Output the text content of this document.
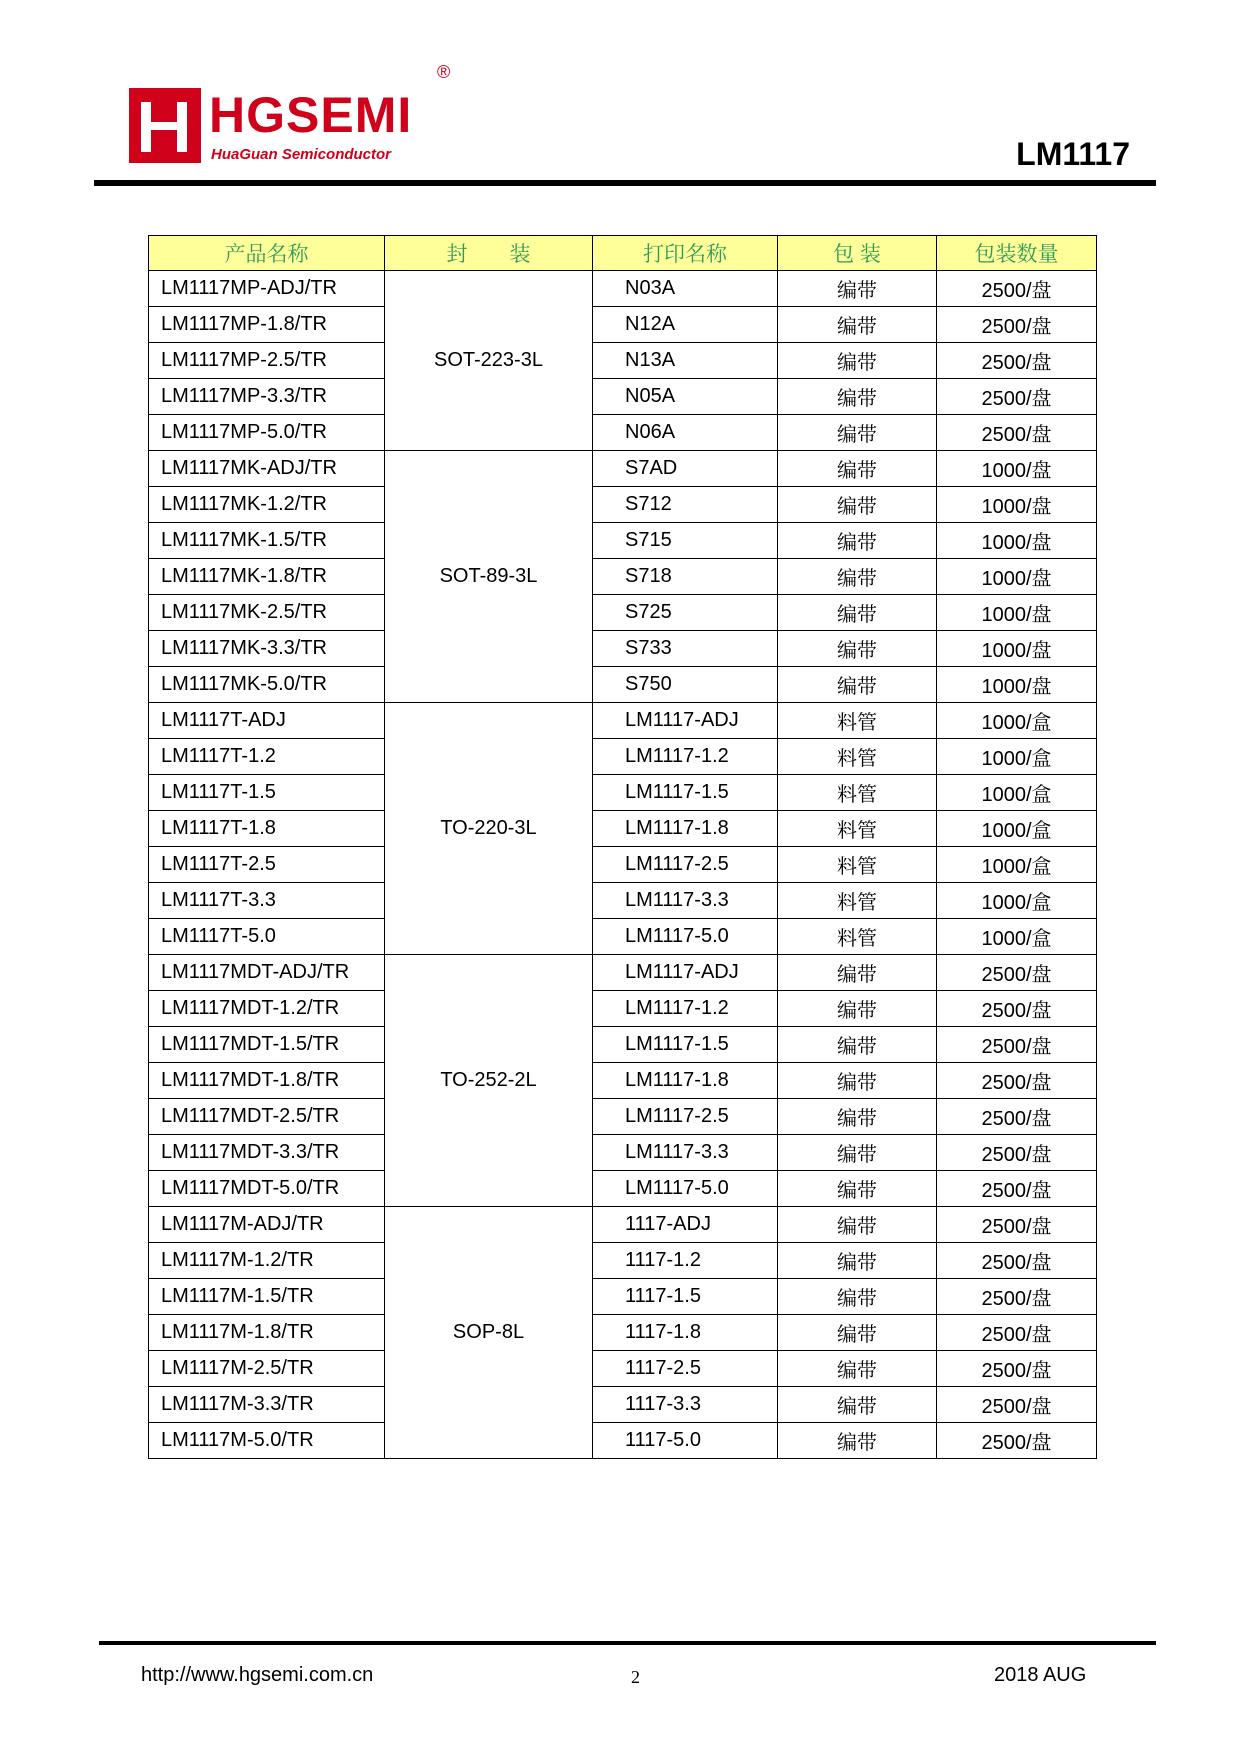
HGSEMI
HuaGuan Semiconductor
®
LM1117
产品名称	封　　装	打印名称	包 装	包装数量
LM1117MP-ADJ/TR	SOT-223-3L	N03A	编带	2500/盘
LM1117MP-1.8/TR		N12A	编带	2500/盘
LM1117MP-2.5/TR		N13A	编带	2500/盘
LM1117MP-3.3/TR		N05A	编带	2500/盘
LM1117MP-5.0/TR		N06A	编带	2500/盘
LM1117MK-ADJ/TR	SOT-89-3L	S7AD	编带	1000/盘
LM1117MK-1.2/TR		S712	编带	1000/盘
LM1117MK-1.5/TR		S715	编带	1000/盘
LM1117MK-1.8/TR		S718	编带	1000/盘
LM1117MK-2.5/TR		S725	编带	1000/盘
LM1117MK-3.3/TR		S733	编带	1000/盘
LM1117MK-5.0/TR		S750	编带	1000/盘
LM1117T-ADJ	TO-220-3L	LM1117-ADJ	料管	1000/盒
LM1117T-1.2		LM1117-1.2	料管	1000/盒
LM1117T-1.5		LM1117-1.5	料管	1000/盒
LM1117T-1.8		LM1117-1.8	料管	1000/盒
LM1117T-2.5		LM1117-2.5	料管	1000/盒
LM1117T-3.3		LM1117-3.3	料管	1000/盒
LM1117T-5.0		LM1117-5.0	料管	1000/盒
LM1117MDT-ADJ/TR	TO-252-2L	LM1117-ADJ	编带	2500/盘
LM1117MDT-1.2/TR		LM1117-1.2	编带	2500/盘
LM1117MDT-1.5/TR		LM1117-1.5	编带	2500/盘
LM1117MDT-1.8/TR		LM1117-1.8	编带	2500/盘
LM1117MDT-2.5/TR		LM1117-2.5	编带	2500/盘
LM1117MDT-3.3/TR		LM1117-3.3	编带	2500/盘
LM1117MDT-5.0/TR		LM1117-5.0	编带	2500/盘
LM1117M-ADJ/TR	SOP-8L	1117-ADJ	编带	2500/盘
LM1117M-1.2/TR		1117-1.2	编带	2500/盘
LM1117M-1.5/TR		1117-1.5	编带	2500/盘
LM1117M-1.8/TR		1117-1.8	编带	2500/盘
LM1117M-2.5/TR		1117-2.5	编带	2500/盘
LM1117M-3.3/TR		1117-3.3	编带	2500/盘
LM1117M-5.0/TR		1117-5.0	编带	2500/盘
http://www.hgsemi.com.cn	2	2018 AUG
